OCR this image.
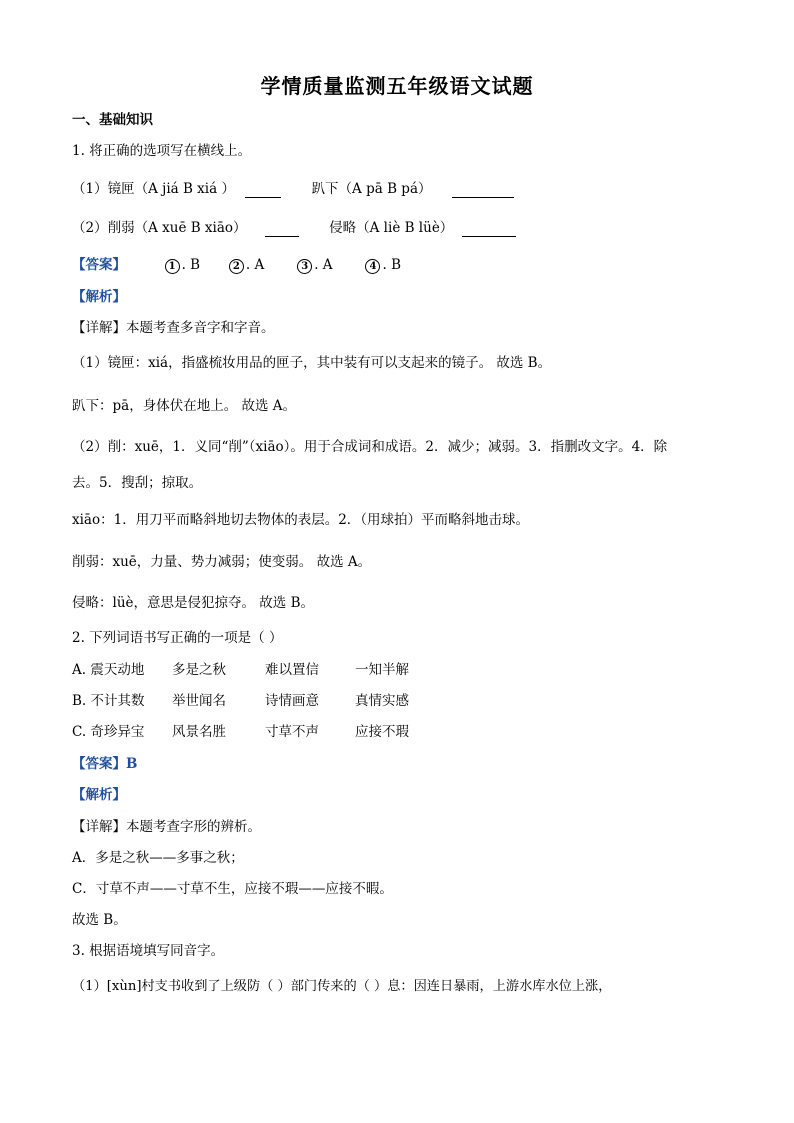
学情质量监测五年级语文试题
一、基础知识
1. 将正确的选项写在横线上。
（1）镜匣（A jiá B xiá ）	趴下（A pā B pá）
（2）削弱（A xuē B xiāo）	侵略（A liè B lüè）
【答案】	1 . B	2 . A	3 . A	4 . B
【解析】
【详解】本题考查多音字和字音。
（1）镜匣：xiá，指盛梳妆用品的匣子，其中装有可以支起来的镜子。 故选 B。
趴下：pā，身体伏在地上。 故选 A。
（2）削：xuē，1．义同“削”（xiāo）。用于合成词和成语。2．减少；减弱。3．指删改文字。4．除
去。5．搜刮；掠取。
xiāo：1．用刀平而略斜地切去物体的表层。2．（用球拍）平而略斜地击球。
削弱：xuē，力量、势力减弱；使变弱。 故选 A。
侵略：lüè，意思是侵犯掠夺。 故选 B。
2. 下列词语书写正确的一项是（ ）
A. 震天动地 多是之秋	难以置信	一知半解
B. 不计其数 举世闻名	诗情画意	真情实感
C. 奇珍异宝 风景名胜	寸草不声	应接不瑕
【答案】B
【解析】
【详解】本题考查字形的辨析。
A．多是之秋——多事之秋；
C．寸草不声——寸草不生，应接不瑕——应接不暇。
故选 B。
3. 根据语境填写同音字。
（1）[xùn]村支书收到了上级防（ ）部门传来的（ ）息：因连日暴雨，上游水库水位上涨，
